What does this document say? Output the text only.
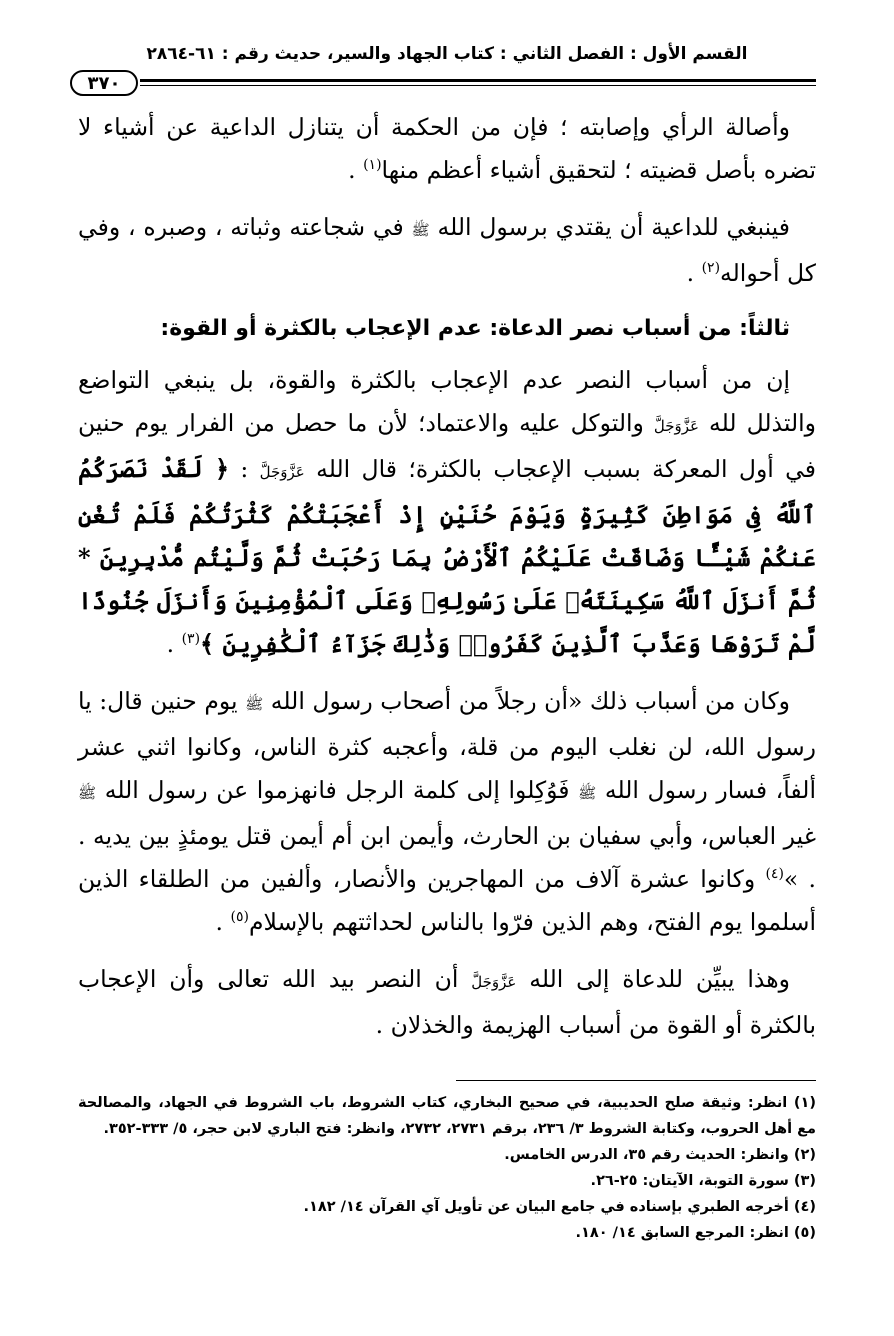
القسم الأول : الفصل الثاني : كتاب الجهاد والسير، حديث رقم : ٦١-٢٨٦٤
٣٧٠

وأصالة الرأي وإصابته ؛ فإن من الحكمة أن يتنازل الداعية عن أشياء لا تضره بأصل قضيته ؛ لتحقيق أشياء أعظم منها$^{(١)}$ .

فينبغي للداعية أن يقتدي برسول الله ﷺ في شجاعته وثباته ، وصبره ، وفي كل أحواله$^{(٢)}$ .

ثالثاً: من أسباب نصر الدعاة: عدم الإعجاب بالكثرة أو القوة:

إن من أسباب النصر عدم الإعجاب بالكثرة والقوة، بل ينبغي التواضع والتذلل لله عَزَّوَجَلَّ والتوكل عليه والاعتماد؛ لأن ما حصل من الفرار يوم حنين في أول المعركة بسبب الإعجاب بالكثرة؛ قال الله عَزَّوَجَلَّ : ﴿ لَقَدْ نَصَرَكُمُ ٱللَّهُ فِى مَوَاطِنَ كَثِيرَةٍ وَيَوْمَ حُنَيْنٍ إِذْ أَعْجَبَتْكُمْ كَثْرَتُكُمْ فَلَمْ تُغْنِ عَنكُمْ شَيْـًٔا وَضَاقَتْ عَلَيْكُمُ ٱلْأَرْضُ بِمَا رَحُبَتْ ثُمَّ وَلَّيْتُم مُّدْبِرِينَ * ثُمَّ أَنزَلَ ٱللَّهُ سَكِينَتَهُۥ عَلَىٰ رَسُولِهِۦ وَعَلَى ٱلْمُؤْمِنِينَ وَأَنزَلَ جُنُودًا لَّمْ تَرَوْهَا وَعَذَّبَ ٱلَّذِينَ كَفَرُوا۟ وَذَٰلِكَ جَزَآءُ ٱلْكَٰفِرِينَ ﴾$^{(٣)}$ .

وكان من أسباب ذلك «أن رجلاً من أصحاب رسول الله ﷺ يوم حنين قال: يا رسول الله، لن نغلب اليوم من قلة، وأعجبه كثرة الناس، وكانوا اثني عشر ألفاً، فسار رسول الله ﷺ فَوُكِلوا إلى كلمة الرجل فانهزموا عن رسول الله ﷺ غير العباس، وأبي سفيان بن الحارث، وأيمن ابن أم أيمن قتل يومئذٍ بين يديه . . »$^{(٤)}$ وكانوا عشرة آلاف من المهاجرين والأنصار، وألفين من الطلقاء الذين أسلموا يوم الفتح، وهم الذين فرّوا بالناس لحداثتهم بالإسلام$^{(٥)}$ .

وهذا يبيِّن للدعاة إلى الله عَزَّوَجَلَّ أن النصر بيد الله تعالى وأن الإعجاب بالكثرة أو القوة من أسباب الهزيمة والخذلان .

(١) انظر: وثيقة صلح الحديبية، في صحيح البخاري، كتاب الشروط، باب الشروط في الجهاد، والمصالحة مع أهل الحروب، وكتابة الشروط ٣/ ٢٣٦، برقم ٢٧٣١، ٢٧٣٢، وانظر: فتح الباري لابن حجر، ٥/ ٣٣٣-٣٥٢.

(٢) وانظر: الحديث رقم ٣٥، الدرس الخامس.

(٣) سورة التوبة، الآيتان: ٢٥-٢٦.

(٤) أخرجه الطبري بإسناده في جامع البيان عن تأويل آي القرآن ١٤/ ١٨٢.

(٥) انظر: المرجع السابق ١٤/ ١٨٠.
